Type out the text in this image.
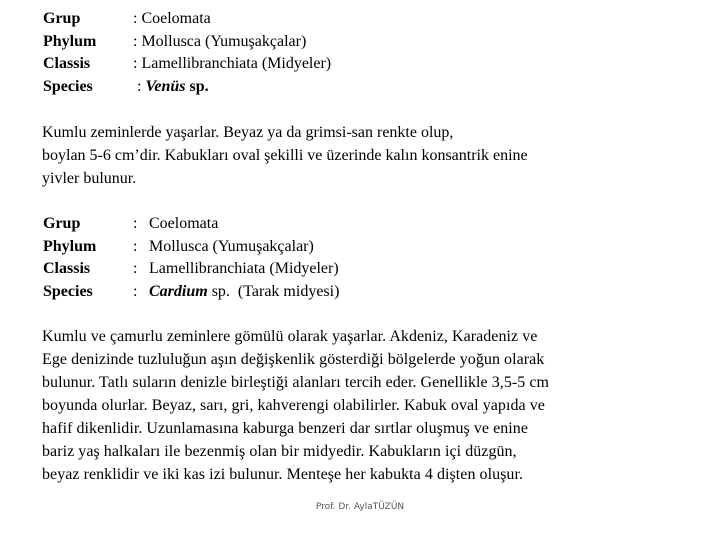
Grup	: Coelomata
Phylum	: Mollusca (Yumuşakçalar)
Classis	: Lamellibranchiata (Midyeler)
Species	: Venüs sp.
Kumlu zeminlerde yaşarlar. Beyaz ya da grimsi-san renkte olup,
boylan 5-6 cm’dir. Kabukları oval şekilli ve üzerinde kalın konsantrik enine
yivler bulunur.
Grup	: Coelomata
Phylum	: Mollusca (Yumuşakçalar)
Classis	: Lamellibranchiata (Midyeler)
Species	: Cardium sp.  (Tarak midyesi)
Kumlu ve çamurlu zeminlere gömülü olarak yaşarlar. Akdeniz, Karadeniz ve
Ege denizinde tuzluluğun aşın değişkenlik gösterdiği bölgelerde yoğun olarak
bulunur. Tatlı suların denizle birleştiği alanları tercih eder. Genellikle 3,5-5 cm
boyunda olurlar. Beyaz, sarı, gri, kahverengi olabilirler. Kabuk oval yapıda ve
hafif dikenlidir. Uzunlamasına kaburga benzeri dar sırtlar oluşmuş ve enine
bariz yaş halkaları ile bezenmiş olan bir midyedir. Kabukların içi düzgün,
beyaz renklidir ve iki kas izi bulunur. Menteşe her kabukta 4 dişten oluşur.
Prof. Dr. AylaTÜZÜN
